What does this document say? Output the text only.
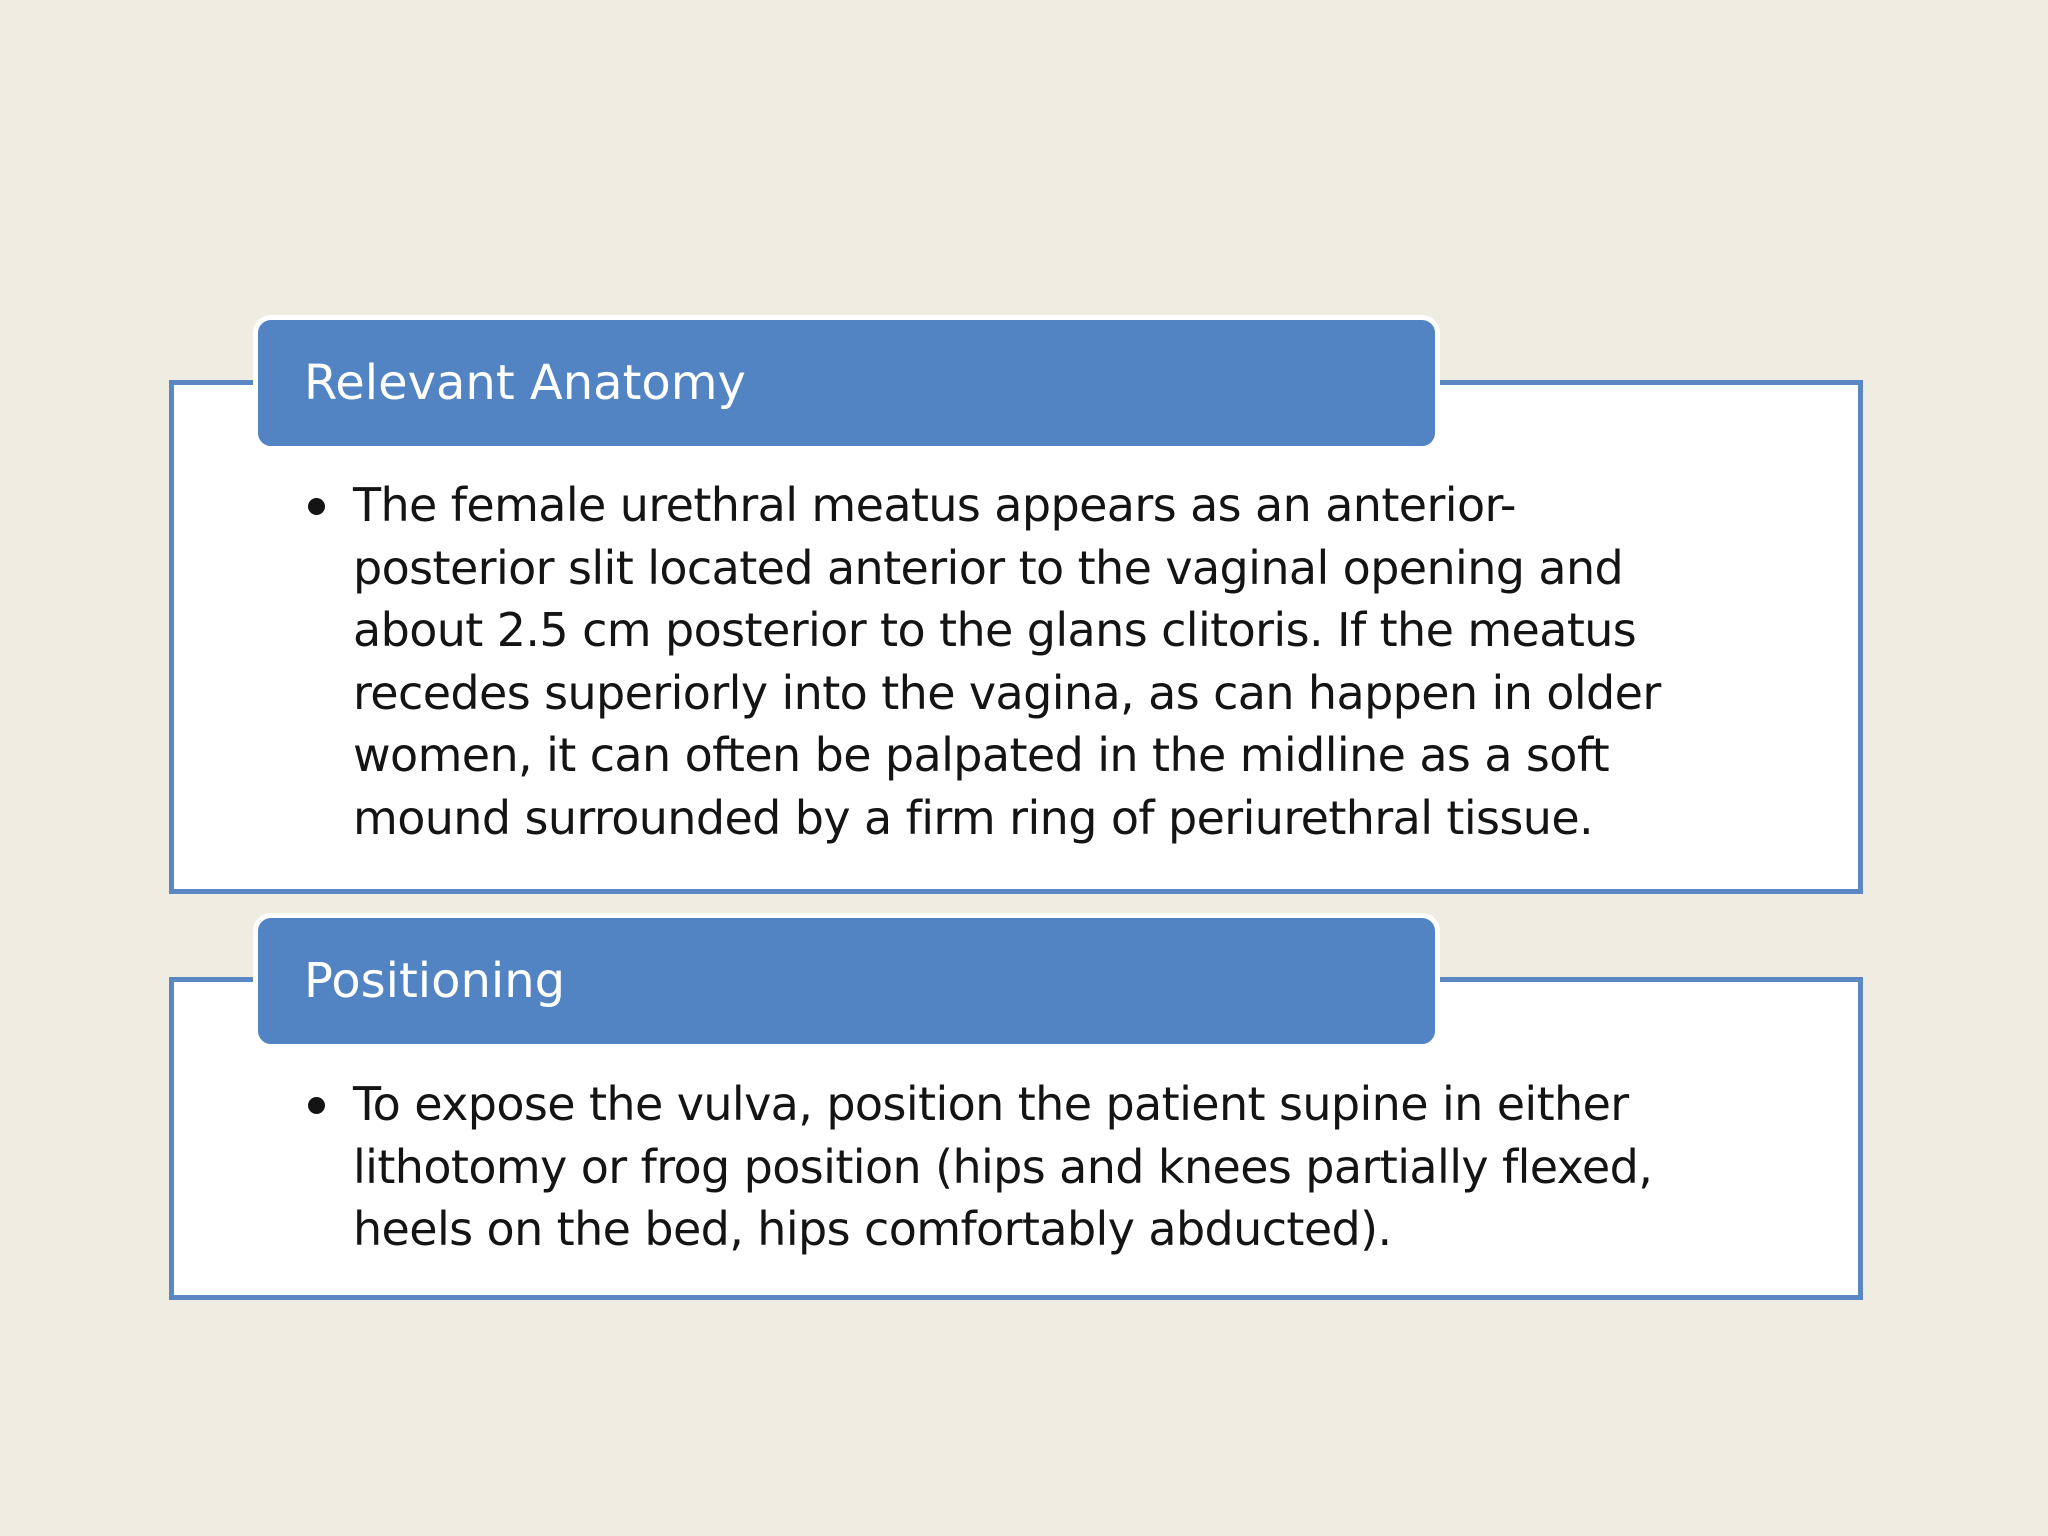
Relevant Anatomy
The female urethral meatus appears as an anterior-posterior slit located anterior to the vaginal opening and about 2.5 cm posterior to the glans clitoris. If the meatus recedes superiorly into the vagina, as can happen in older women, it can often be palpated in the midline as a soft mound surrounded by a firm ring of periurethral tissue.
Positioning
To expose the vulva, position the patient supine in either lithotomy or frog position (hips and knees partially flexed, heels on the bed, hips comfortably abducted).
